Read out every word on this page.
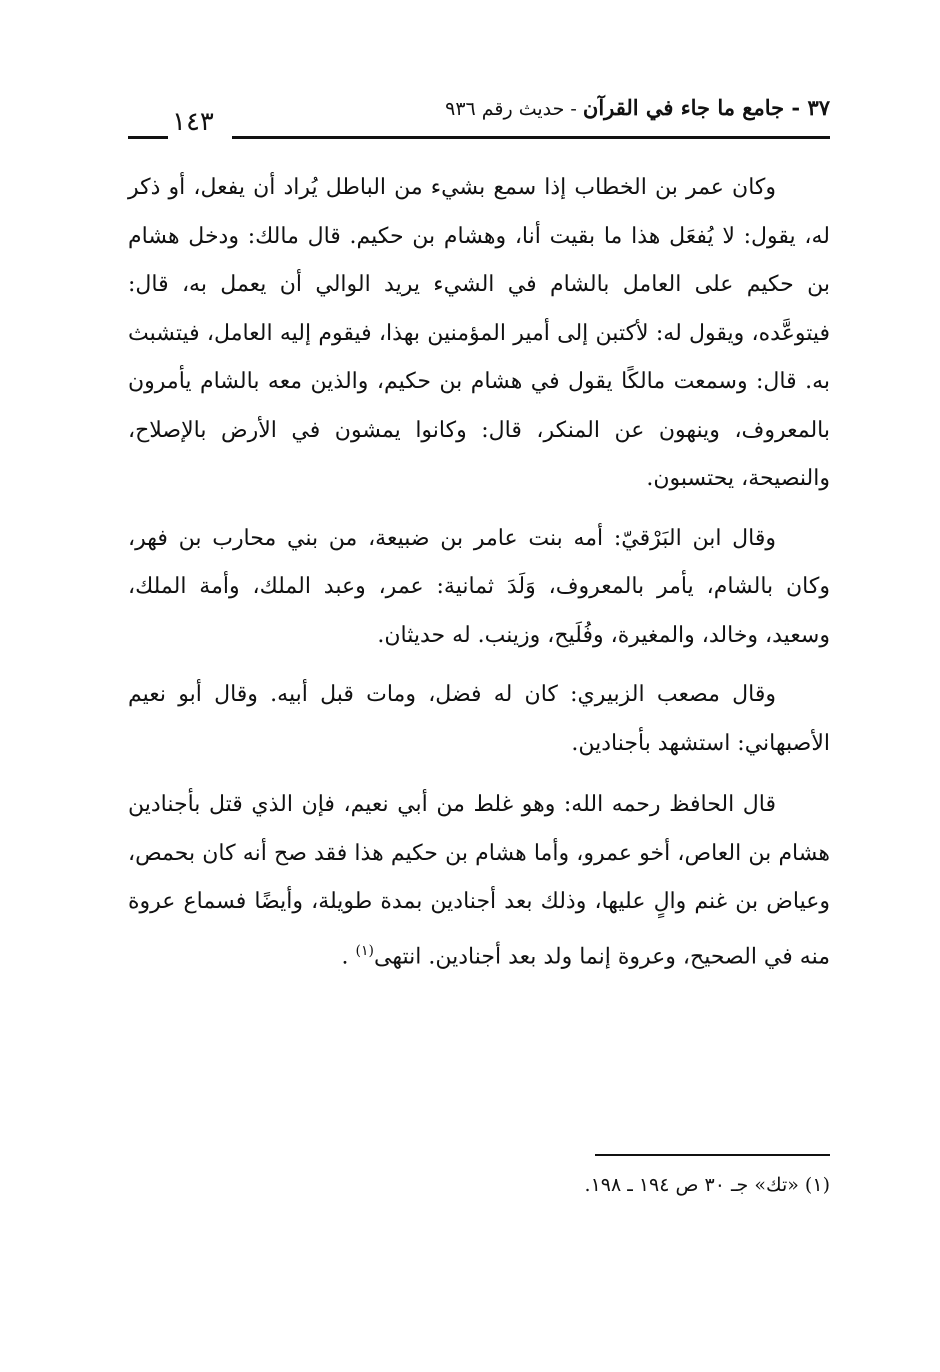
٣٧ - جامع ما جاء في القرآن - حديث رقم ٩٣٦
١٤٣

وكان عمر بن الخطاب إذا سمع بشيء من الباطل يُراد أن يفعل، أو ذكر له، يقول: لا يُفعَل هذا ما بقيت أنا، وهشام بن حكيم. قال مالك: ودخل هشام بن حكيم على العامل بالشام في الشيء يريد الوالي أن يعمل به، قال: فيتوعَّده، ويقول له: لأكتبن إلى أمير المؤمنين بهذا، فيقوم إليه العامل، فيتشبث به. قال: وسمعت مالكًا يقول في هشام بن حكيم، والذين معه بالشام يأمرون بالمعروف، وينهون عن المنكر، قال: وكانوا يمشون في الأرض بالإصلاح، والنصيحة، يحتسبون.

وقال ابن البَرْقيّ: أمه بنت عامر بن ضبيعة، من بني محارب بن فهر، وكان بالشام، يأمر بالمعروف، وَلَدَ ثمانية: عمر، وعبد الملك، وأمة الملك، وسعيد، وخالد، والمغيرة، وفُلَيح، وزينب. له حديثان.

وقال مصعب الزبيري: كان له فضل، ومات قبل أبيه. وقال أبو نعيم الأصبهاني: استشهد بأجنادين.

قال الحافظ رحمه الله: وهو غلط من أبي نعيم، فإن الذي قتل بأجنادين هشام بن العاص، أخو عمرو، وأما هشام بن حكيم هذا فقد صح أنه كان بحمص، وعياض بن غنم والٍ عليها، وذلك بعد أجنادين بمدة طويلة، وأيضًا فسماع عروة منه في الصحيح، وعروة إنما ولد بعد أجنادين. انتهى$^{(١)}$ .

(١) «تك» جـ ٣٠ ص ١٩٤ ـ ١٩٨.
